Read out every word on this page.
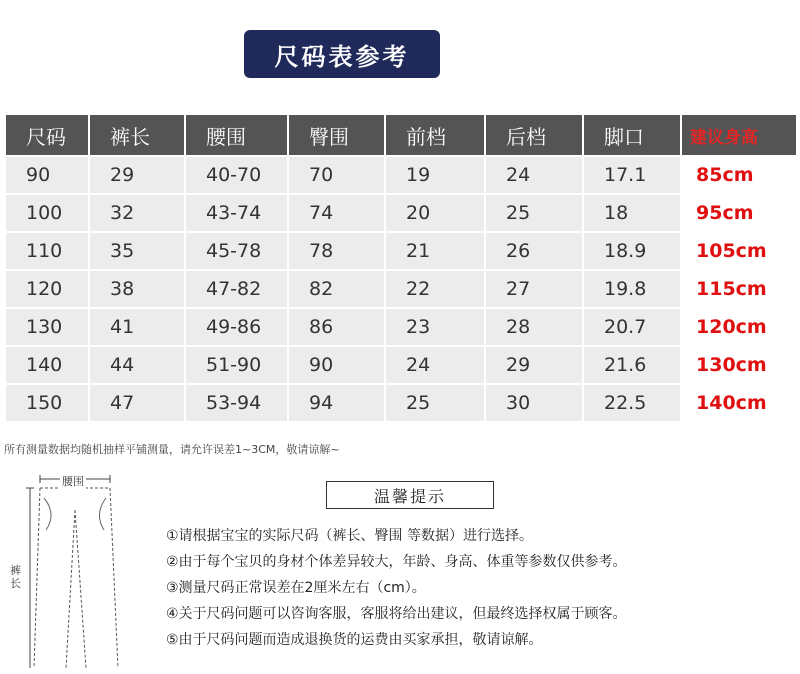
尺码表参考
尺码	裤长	腰围	臀围	前档	后档	脚口	建议身高
90	29	40-70	70	19	24	17.1	85cm
100	32	43-74	74	20	25	18	95cm
110	35	45-78	78	21	26	18.9	105cm
120	38	47-82	82	22	27	19.8	115cm
130	41	49-86	86	23	28	20.7	120cm
140	44	51-90	90	24	29	21.6	130cm
150	47	53-94	94	25	30	22.5	140cm
所有测量数据均随机抽样平铺测量，请允许误差1~3CM，敬请谅解~
腰围
裤长
温馨提示
①请根据宝宝的实际尺码（裤长、臀围 等数据）进行选择。
②由于每个宝贝的身材个体差异较大，年龄、身高、体重等参数仅供参考。
③测量尺码正常误差在2厘米左右（cm）。
④关于尺码问题可以咨询客服，客服将给出建议，但最终选择权属于顾客。
⑤由于尺码问题而造成退换货的运费由买家承担，敬请谅解。
